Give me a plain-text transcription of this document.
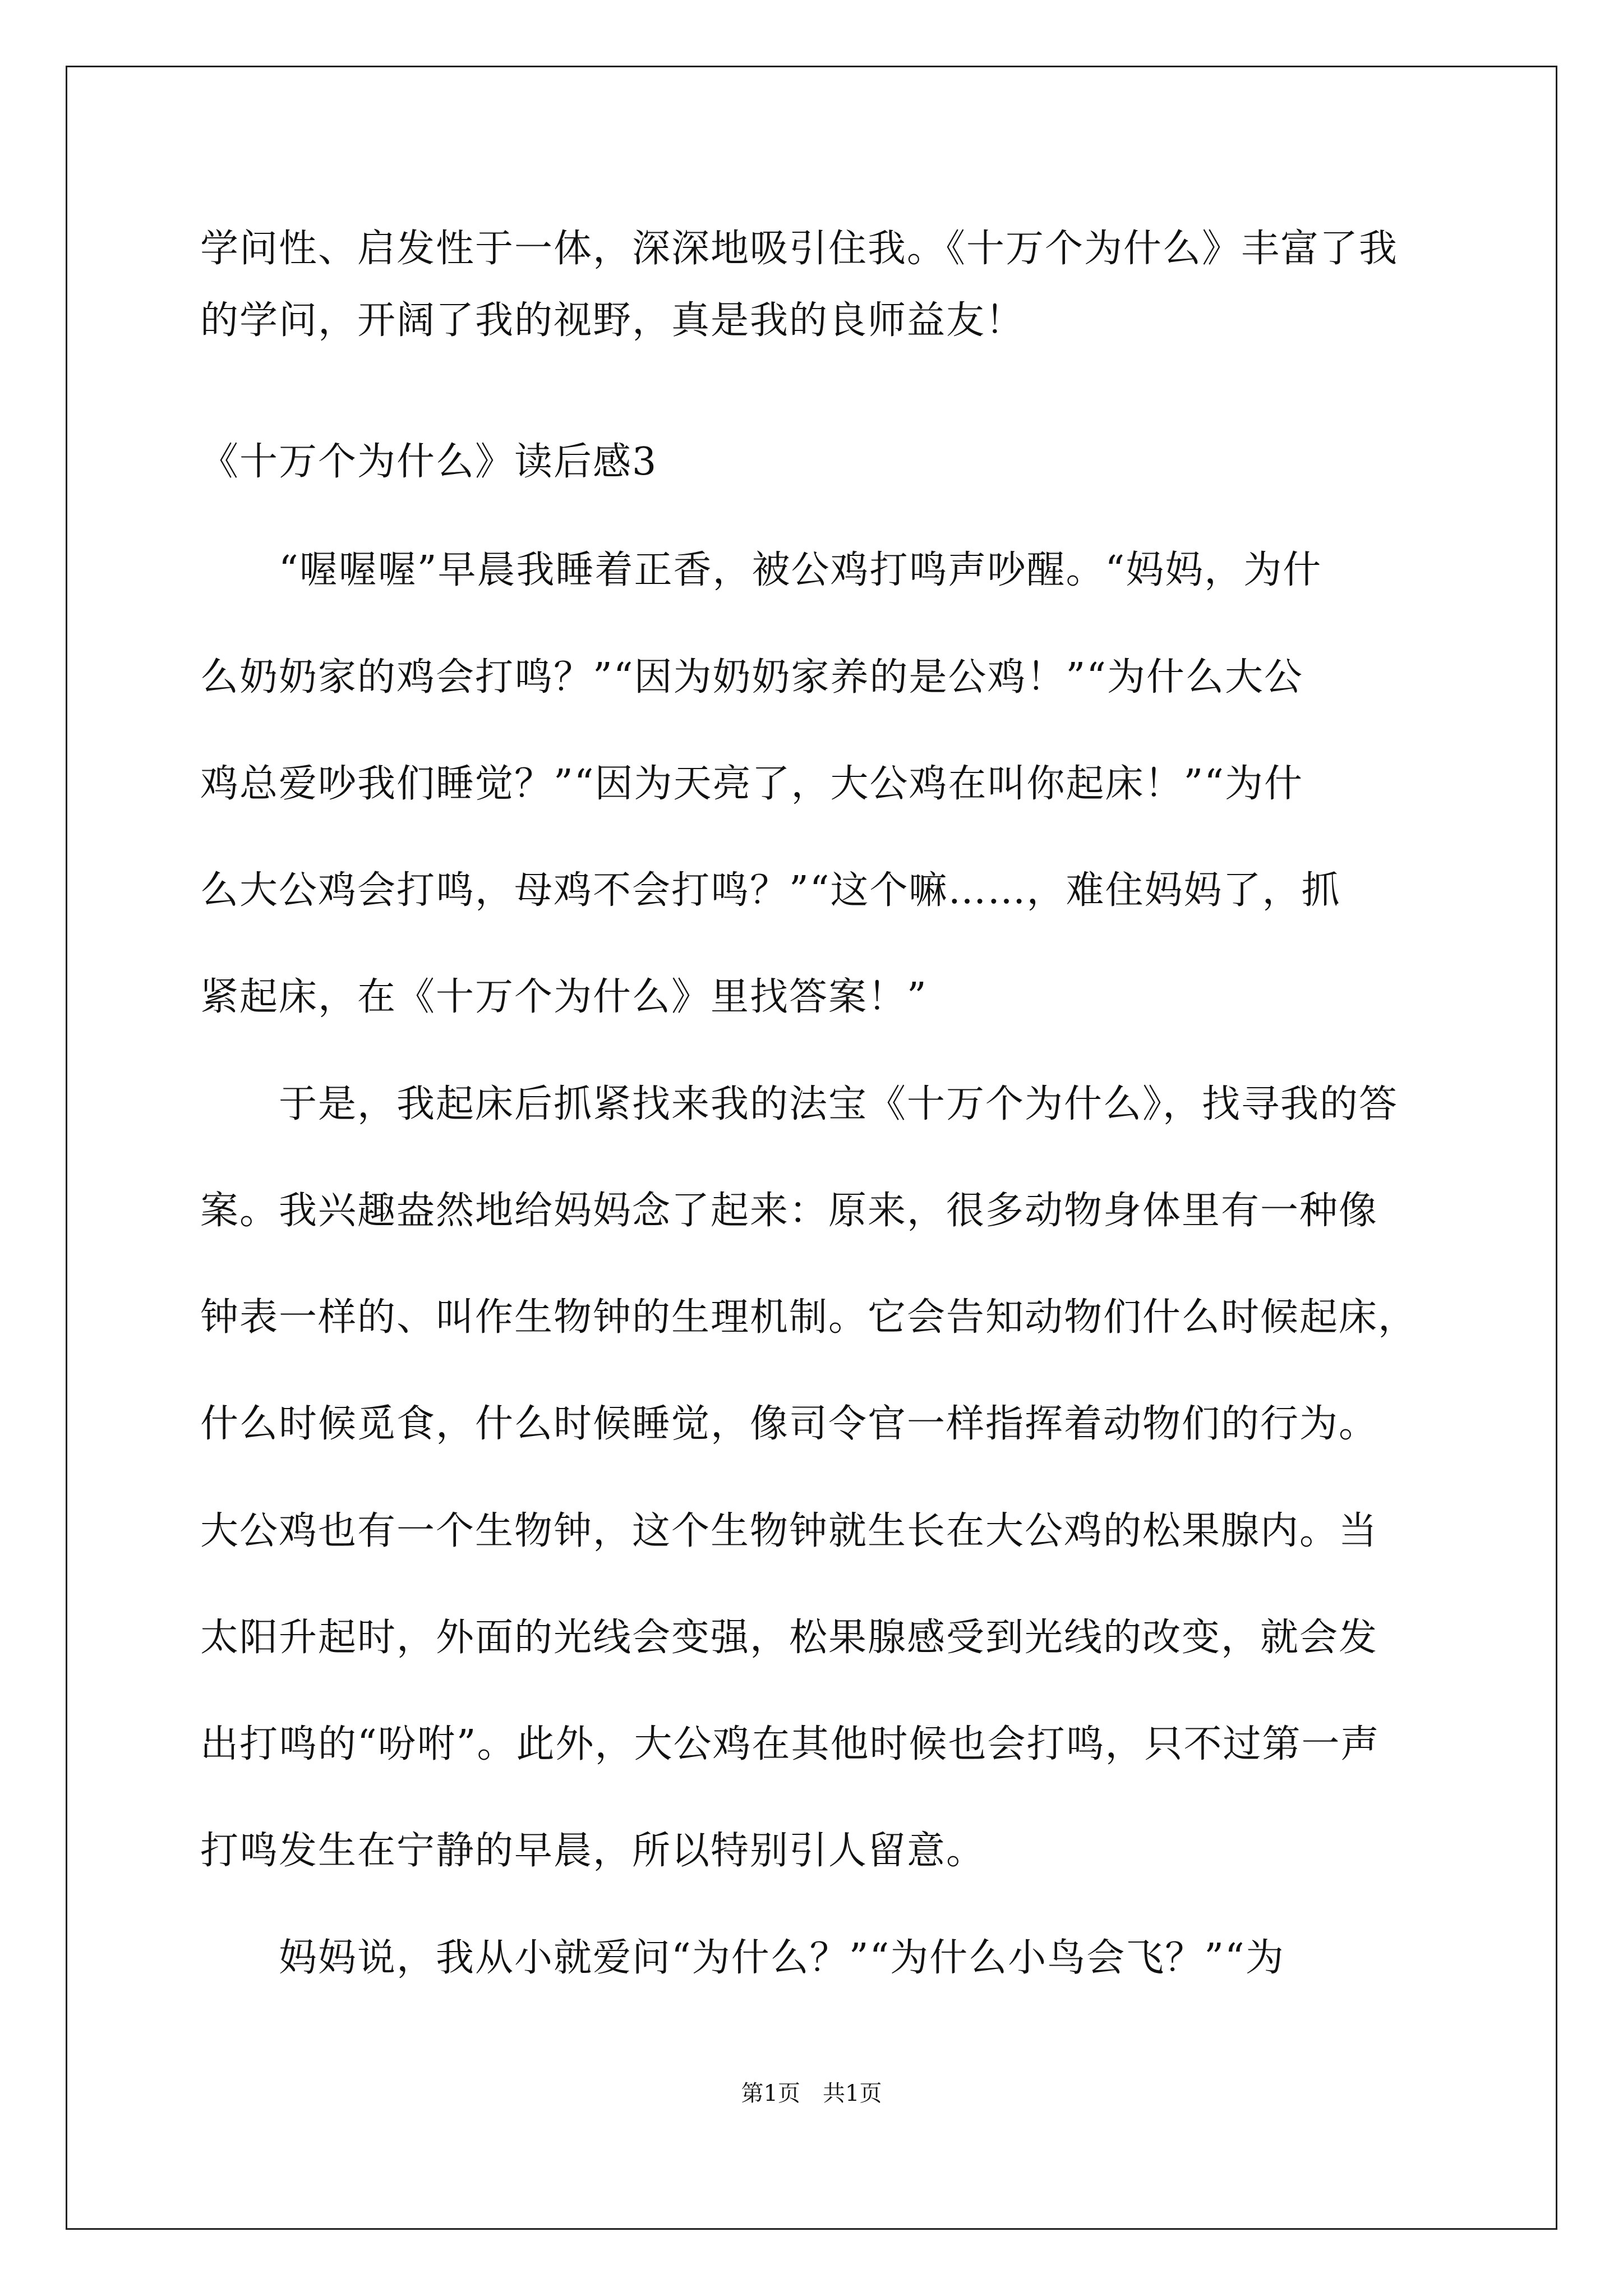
学问性、启发性于一体，深深地吸引住我。《十万个为什么》丰富了我
的学问，开阔了我的视野，真是我的良师益友！
《十万个为什么》读后感3
　　“喔喔喔”早晨我睡着正香，被公鸡打鸣声吵醒。“妈妈，为什
么奶奶家的鸡会打鸣？”“因为奶奶家养的是公鸡！”“为什么大公
鸡总爱吵我们睡觉？”“因为天亮了，大公鸡在叫你起床！”“为什
么大公鸡会打鸣，母鸡不会打鸣？”“这个嘛……，难住妈妈了，抓
紧起床，在《十万个为什么》里找答案！”
　　于是，我起床后抓紧找来我的法宝《十万个为什么》，找寻我的答
案。我兴趣盎然地给妈妈念了起来：原来，很多动物身体里有一种像
钟表一样的、叫作生物钟的生理机制。它会告知动物们什么时候起床，
什么时候觅食，什么时候睡觉，像司令官一样指挥着动物们的行为。
大公鸡也有一个生物钟，这个生物钟就生长在大公鸡的松果腺内。当
太阳升起时，外面的光线会变强，松果腺感受到光线的改变，就会发
出打鸣的“吩咐”。此外，大公鸡在其他时候也会打鸣，只不过第一声
打鸣发生在宁静的早晨，所以特别引人留意。
　　妈妈说，我从小就爱问“为什么？”“为什么小鸟会飞？”“为
第1页　共1页
